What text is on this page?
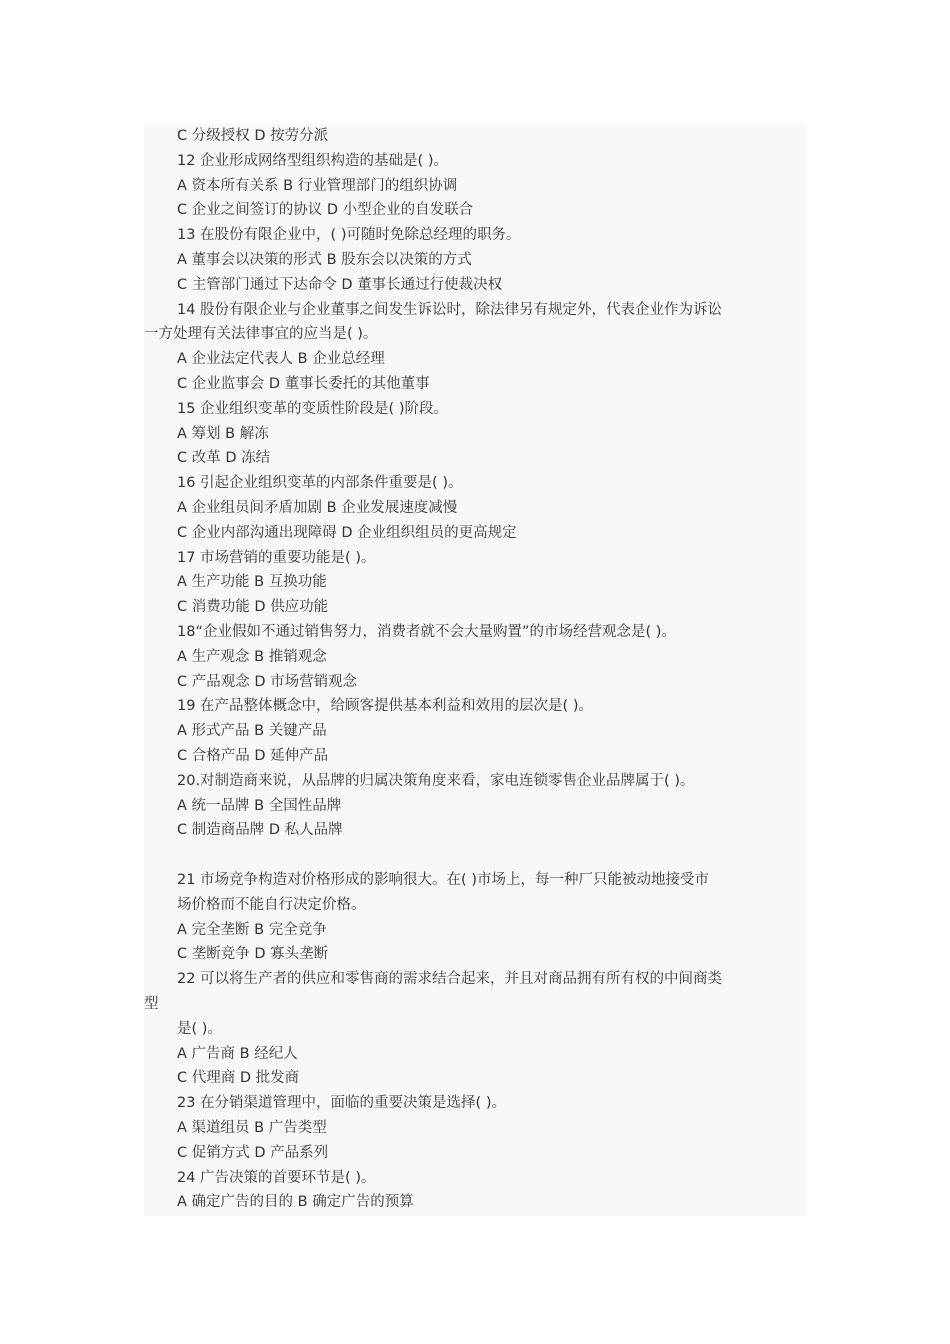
C 分级授权 D 按劳分派
12 企业形成网络型组织构造的基础是( )。
A 资本所有关系 B 行业管理部门的组织协调
C 企业之间签订的协议 D 小型企业的自发联合
13 在股份有限企业中，( )可随时免除总经理的职务。
A 董事会以决策的形式 B 股东会以决策的方式
C 主管部门通过下达命令 D 董事长通过行使裁决权
14 股份有限企业与企业董事之间发生诉讼时，除法律另有规定外，代表企业作为诉讼
一方处理有关法律事宜的应当是( )。
A 企业法定代表人 B 企业总经理
C 企业监事会 D 董事长委托的其他董事
15 企业组织变革的变质性阶段是( )阶段。
A 筹划 B 解冻
C 改革 D 冻结
16 引起企业组织变革的内部条件重要是( )。
A 企业组员间矛盾加剧 B 企业发展速度减慢
C 企业内部沟通出现障碍 D 企业组织组员的更高规定
17 市场营销的重要功能是( )。
A 生产功能 B 互换功能
C 消费功能 D 供应功能
18“企业假如不通过销售努力，消费者就不会大量购置”的市场经营观念是( )。
A 生产观念 B 推销观念
C 产品观念 D 市场营销观念
19 在产品整体概念中，给顾客提供基本利益和效用的层次是( )。
A 形式产品 B 关键产品
C 合格产品 D 延伸产品
20.对制造商来说，从品牌的归属决策角度来看，家电连锁零售企业品牌属于( )。
A 统一品牌 B 全国性品牌
C 制造商品牌 D 私人品牌
21 市场竞争构造对价格形成的影响很大。在( )市场上，每一种厂只能被动地接受市
场价格而不能自行决定价格。
A 完全垄断 B 完全竞争
C 垄断竞争 D 寡头垄断
22 可以将生产者的供应和零售商的需求结合起来，并且对商品拥有所有权的中间商类
型
是( )。
A 广告商 B 经纪人
C 代理商 D 批发商
23 在分销渠道管理中，面临的重要决策是选择( )。
A 渠道组员 B 广告类型
C 促销方式 D 产品系列
24 广告决策的首要环节是( )。
A 确定广告的目的 B 确定广告的预算
